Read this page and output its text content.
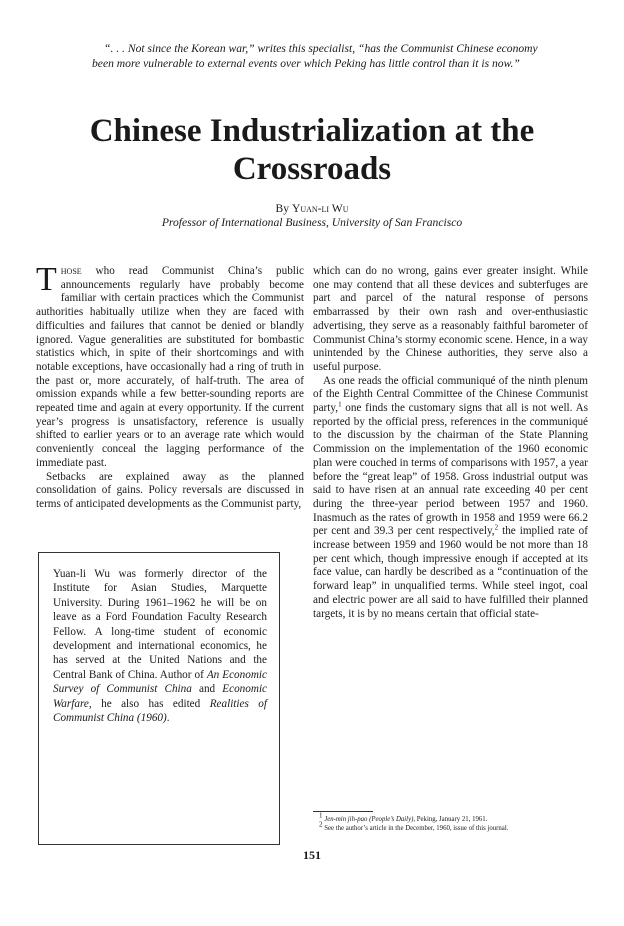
“. . . Not since the Korean war,” writes this specialist, “has the Communist Chinese economy been more vulnerable to external events over which Peking has little control than it is now.”
Chinese Industrialization at the Crossroads
By Yuan-li Wu
Professor of International Business, University of San Francisco

Those who read Communist China’s public announcements regularly have probably become familiar with certain practices which the Communist authorities habitually utilize when they are faced with difficulties and failures that cannot be denied or blandly ignored. Vague generalities are substituted for bombastic statistics which, in spite of their shortcomings and with notable exceptions, have occasionally had a ring of truth in the past or, more accurately, of half-truth. The area of omission expands while a few better-sounding reports are repeated time and again at every opportunity. If the current year’s progress is unsatisfactory, reference is usually shifted to earlier years or to an average rate which would conveniently conceal the lagging performance of the immediate past.

Setbacks are explained away as the planned consolidation of gains. Policy reversals are discussed in terms of anticipated developments as the Communist party,

Yuan-li Wu was formerly director of the Institute for Asian Studies, Marquette University. During 1961–1962 he will be on leave as a Ford Foundation Faculty Research Fellow. A long-time student of economic development and international economics, he has served at the United Nations and the Central Bank of China. Author of An Economic Survey of Communist China and Economic Warfare, he also has edited Realities of Communist China (1960).

which can do no wrong, gains ever greater insight. While one may contend that all these devices and subterfuges are part and parcel of the natural response of persons embarrassed by their own rash and over-enthusiastic advertising, they serve as a reasonably faithful barometer of Communist China’s stormy economic scene. Hence, in a way unintended by the Chinese authorities, they serve also a useful purpose.

As one reads the official communiqué of the ninth plenum of the Eighth Central Committee of the Chinese Communist party,$^1$ one finds the customary signs that all is not well. As reported by the official press, references in the communiqué to the discussion by the chairman of the State Planning Commission on the implementation of the 1960 economic plan were couched in terms of comparisons with 1957, a year before the “great leap” of 1958. Gross industrial output was said to have risen at an annual rate exceeding 40 per cent during the three-year period between 1957 and 1960. Inasmuch as the rates of growth in 1958 and 1959 were 66.2 per cent and 39.3 per cent respectively,$^2$ the implied rate of increase between 1959 and 1960 would be not more than 18 per cent which, though impressive enough if accepted at its face value, can hardly be described as a “continuation of the forward leap” in unqualified terms. While steel ingot, coal and electric power are all said to have fulfilled their planned targets, it is by no means certain that official state-

$^1$ Jen-min jih-pao (People’s Daily), Peking, January 21, 1961.

$^2$ See the author’s article in the December, 1960, issue of this journal.

151
